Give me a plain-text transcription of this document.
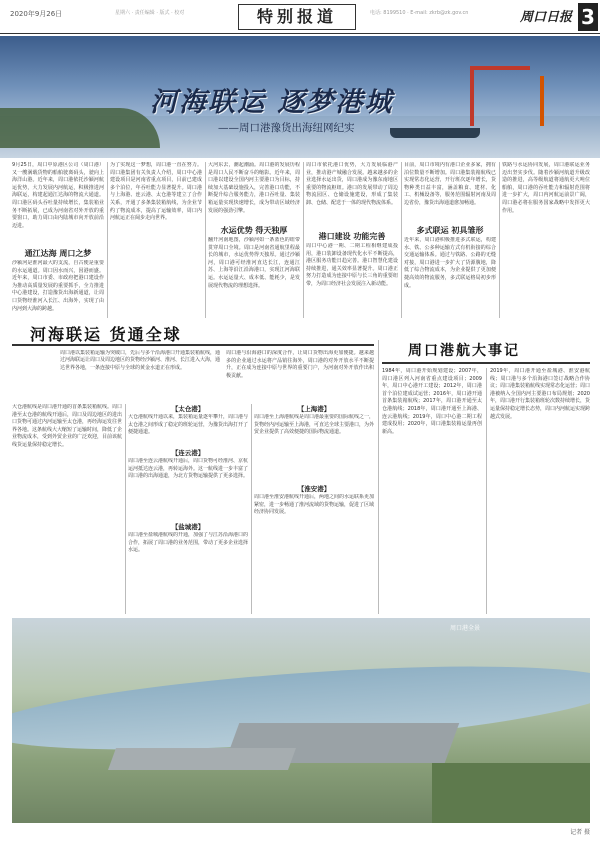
2020年9月26日	星期六 · 责任编辑 · 版式 · 校对	特别报道	电话: 8199510 · E-mail: zkrb@zk.gov.cn	周口日报 3
河海联运 逐梦港城
——周口港豫货出海纽网纪实
9月25日，周口中原港区公司（周口港）又一艘满载货物的船舶驶离码头，驶向上海洋山港。近年来，周口港依托沙颍河航运优势，大力发展内河航运，积极推进河海联运，构建起通江达海的物流大通道。周口港区码头吞吐量持续增长，集装箱业务不断拓展，已成为河南省对外开放的重要窗口，助力周口由内陆城市向开放前沿迈进。
通江达海 周口之梦
沙颍河是淮河最大的支流，自古便是重要的水运通道。周口因水而兴，因港而盛。近年来，周口市委、市政府把港口建设作为推动高质量发展的重要抓手，全力推进中心港建设，打造豫货出海新通道，让周口货物经淮河入长江、出海外，实现了由内河到大海的跨越。
为了实现这一梦想，周口港一直在努力。周口港集团有关负责人介绍，周口中心港建设项目是河南省重点项目，目前已建成多个泊位，年吞吐能力显著提升。周口港与上海港、连云港、太仓港等建立了合作关系，开通了多条集装箱航线，为企业节约了物流成本，提高了运输效率，周口内河航运正在阔步走向世界。
大河东去，潮起潮涌。周口港的发展历程是周口人民不断奋斗的缩影。近年来，周口港以建设全国内河主要港口为目标，持续加大基础设施投入，完善港口功能，不断提升综合服务能力，港口吞吐量、集装箱运量实现快速增长，成为带动区域经济发展的强劲引擎。
水运优势 得天独厚
翻开河南地图，沙颍河如一条蓝色的纽带贯穿周口全境。周口是河南省通航里程最长的城市，水运优势得天独厚。通过沙颍河，周口港可经淮河直达长江，连通江苏、上海等沿江沿海港口，实现江河海联运。水运运量大、成本低、能耗少，是发展现代物流的理想选择。
周口市依托港口优势，大力发展临港产业，推动港产城融合发展。越来越多的企业选择水运出货，周口港成为豫东南地区重要的物流枢纽。港口的发展带动了周边物流园区、仓储设施建设，形成了集装卸、仓储、配送于一体的现代物流体系。
港口建设 功能完善
周口中心港一期、二期工程相继建成投用，港口装卸设备现代化水平不断提高，港区服务功能日趋完善。港口智慧化建设持续推进，通关效率显著提升。周口港正努力打造成为连接中原与长三角的重要纽带，为周口经济社会发展注入新动能。
目前，周口市境内有港口企业多家，拥有泊位数量不断增加。周口港集装箱航线已实现常态化运营，开行班次逐年增长，货物种类日益丰富，涵盖粮食、建材、化工、机械设备等，服务范围辐射河南及周边省份，豫货出海通道愈加畅通。
多式联运 初具雏形
近年来，周口港积极推进多式联运，构建水、铁、公多种运输方式有机衔接的综合交通运输体系。通过与铁路、公路的无缝对接，周口港进一步扩大了货源腹地，降低了综合物流成本，为企业提供了更加便捷高效的物流服务，多式联运格局初步形成。
铁路与水运协同发展，周口港联运业务迈出坚实步伐。随着沙颍河航道升级改造的推进，高等级航道将通航更大吨位船舶，周口港的吞吐能力和辐射范围将进一步扩大，周口内河航运前景广阔，周口港必将在服务国家战略中发挥更大作用。
河海联运 货通全球
周口港以集装箱运输为突破口，先后与多个沿海港口开通集装箱航线，通过河海联运让周口及周边地区的货物经沙颍河、淮河、长江进入大海，通达世界各地，一条连接中原与全球的黄金水道正在形成。
大仓港航线是周口港开通的首条集装箱航线。周口港至太仓港的航线开通后，周口及周边地区的进出口货物可通过内河运输至太仓港，再经海运发往世界各地。这条航线大大缩短了运输时间，降低了企业物流成本，受到外贸企业的广泛欢迎，目前该航线货运量保持稳定增长。
【太仓港】
大仓港航线开通以来，集装箱运量逐年攀升，周口港与太仓港之间形成了稳定的班轮运营，为豫货出海打开了便捷通道。
【连云港】
周口港至连云港航线开通后，周口货物可经淮河、京杭运河抵达连云港，再转运海外。这一航线进一步丰富了周口港的出海通道，为北方货物运输提供了更多选择。
【盐城港】
周口港至盐城港航线的开通，加强了与江苏沿海港口的合作，拓展了周口港的业务范围，带动了更多企业选择水运。
【上海港】
周口港至上海港航线是周口港最重要的国际航线之一，货物经内河运输至上海港，可直达全球主要港口，为外贸企业提供了高效便捷的国际物流通道。
【淮安港】
周口港至淮安港航线开通后，两地之间的水运联系更加紧密，进一步畅通了淮河流域的货物运输，促进了区域经济协同发展。
周口港航大事记
1984年，周口港开始规划建设；2007年，周口港区列入河南省重点建设项目；2009年，周口中心港开工建设；2012年，周口港首个泊位建成试运营；2016年，周口港开通首条集装箱航线；2017年，周口港开通至太仓港航线；2018年，周口港开通至上海港、连云港航线；2019年，周口中心港二期工程建成投用；2020年，周口港集装箱运量再创新高。
2019年，周口港开通至盐城港、淮安港航线；周口港与多个沿海港口签订战略合作协议；周口港集装箱航线实现常态化运营；周口港被纳入全国内河主要港口布局规划；2020年，周口港开行集装箱班轮次数持续增长，货运量保持稳定增长态势，周口内河航运实现跨越式发展。
周口港与沿海港口的深度合作，让周口货物出海更加便捷。越来越多的企业通过水运将产品销往海外，周口港的对外开放水平不断提升，正在成为连接中原与世界的重要门户，为河南对外开放作出积极贡献。
周口港全景
记者 摄
